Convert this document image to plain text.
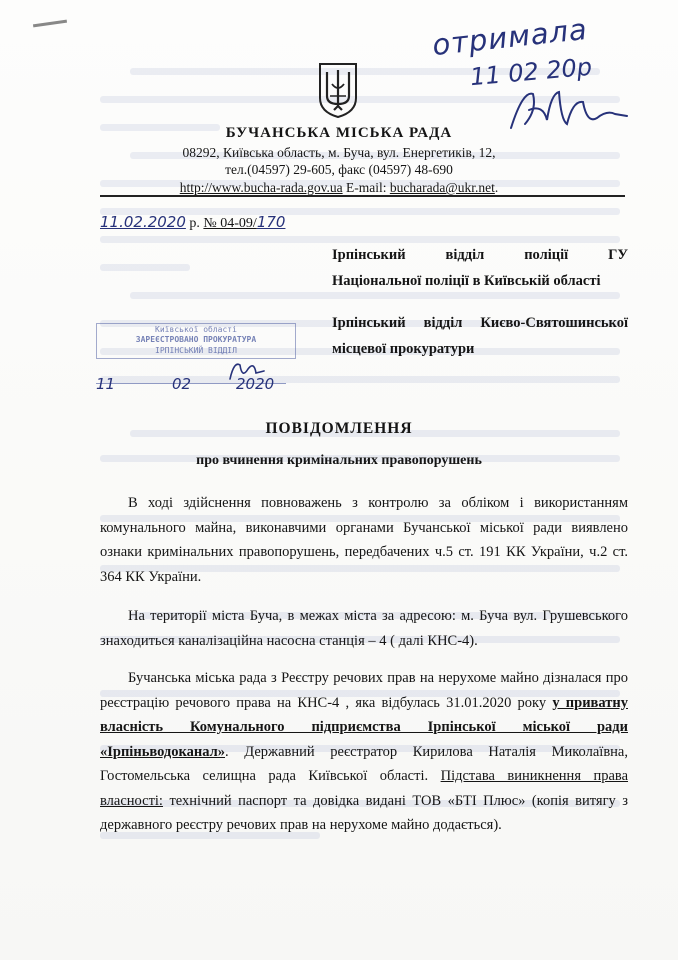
отримала
11 02 20р
БУЧАНСЬКА МІСЬКА РАДА
08292, Київська область, м. Буча, вул. Енергетиків, 12,
тел.(04597) 29-605, факс (04597) 48-690
http://www.bucha-rada.gov.ua E-mail: bucharada@ukr.net.
11.02.2020 р. № 04-09/170
Ірпінський відділ поліції ГУ
Національної поліції в Київській області
Ірпінський відділ Києво-Святошинської
місцевої прокуратури
Київської області
ЗАРЕЄСТРОВАНО ПРОКУРАТУРА
ІРПІНСЬКИЙ ВІДДІЛ
11	02	2020
ПОВІДОМЛЕННЯ
про вчинення кримінальних правопорушень

В ході здійснення повноважень з контролю за обліком і використанням комунального майна, виконавчими органами Бучанської міської ради виявлено ознаки кримінальних правопорушень, передбачених ч.5 ст. 191 КК України, ч.2 ст. 364 КК України.

На території міста Буча, в межах міста за адресою: м. Буча вул. Грушевського знаходиться каналізаційна насосна станція – 4 ( далі КНС-4).

Бучанська міська рада з Реєстру речових прав на нерухоме майно дізналася про реєстрацію речового права на КНС-4 , яка відбулась 31.01.2020 року у приватну власність Комунального підприємства Ірпінської міської ради «Ірпіньводоканал». Державний реєстратор Кирилова Наталія Миколаївна, Гостомельська селищна рада Київської області. Підстава виникнення права власності: технічний паспорт та довідка видані ТОВ «БТІ Плюс» (копія витягу з державного реєстру речових прав на нерухоме майно додається).
